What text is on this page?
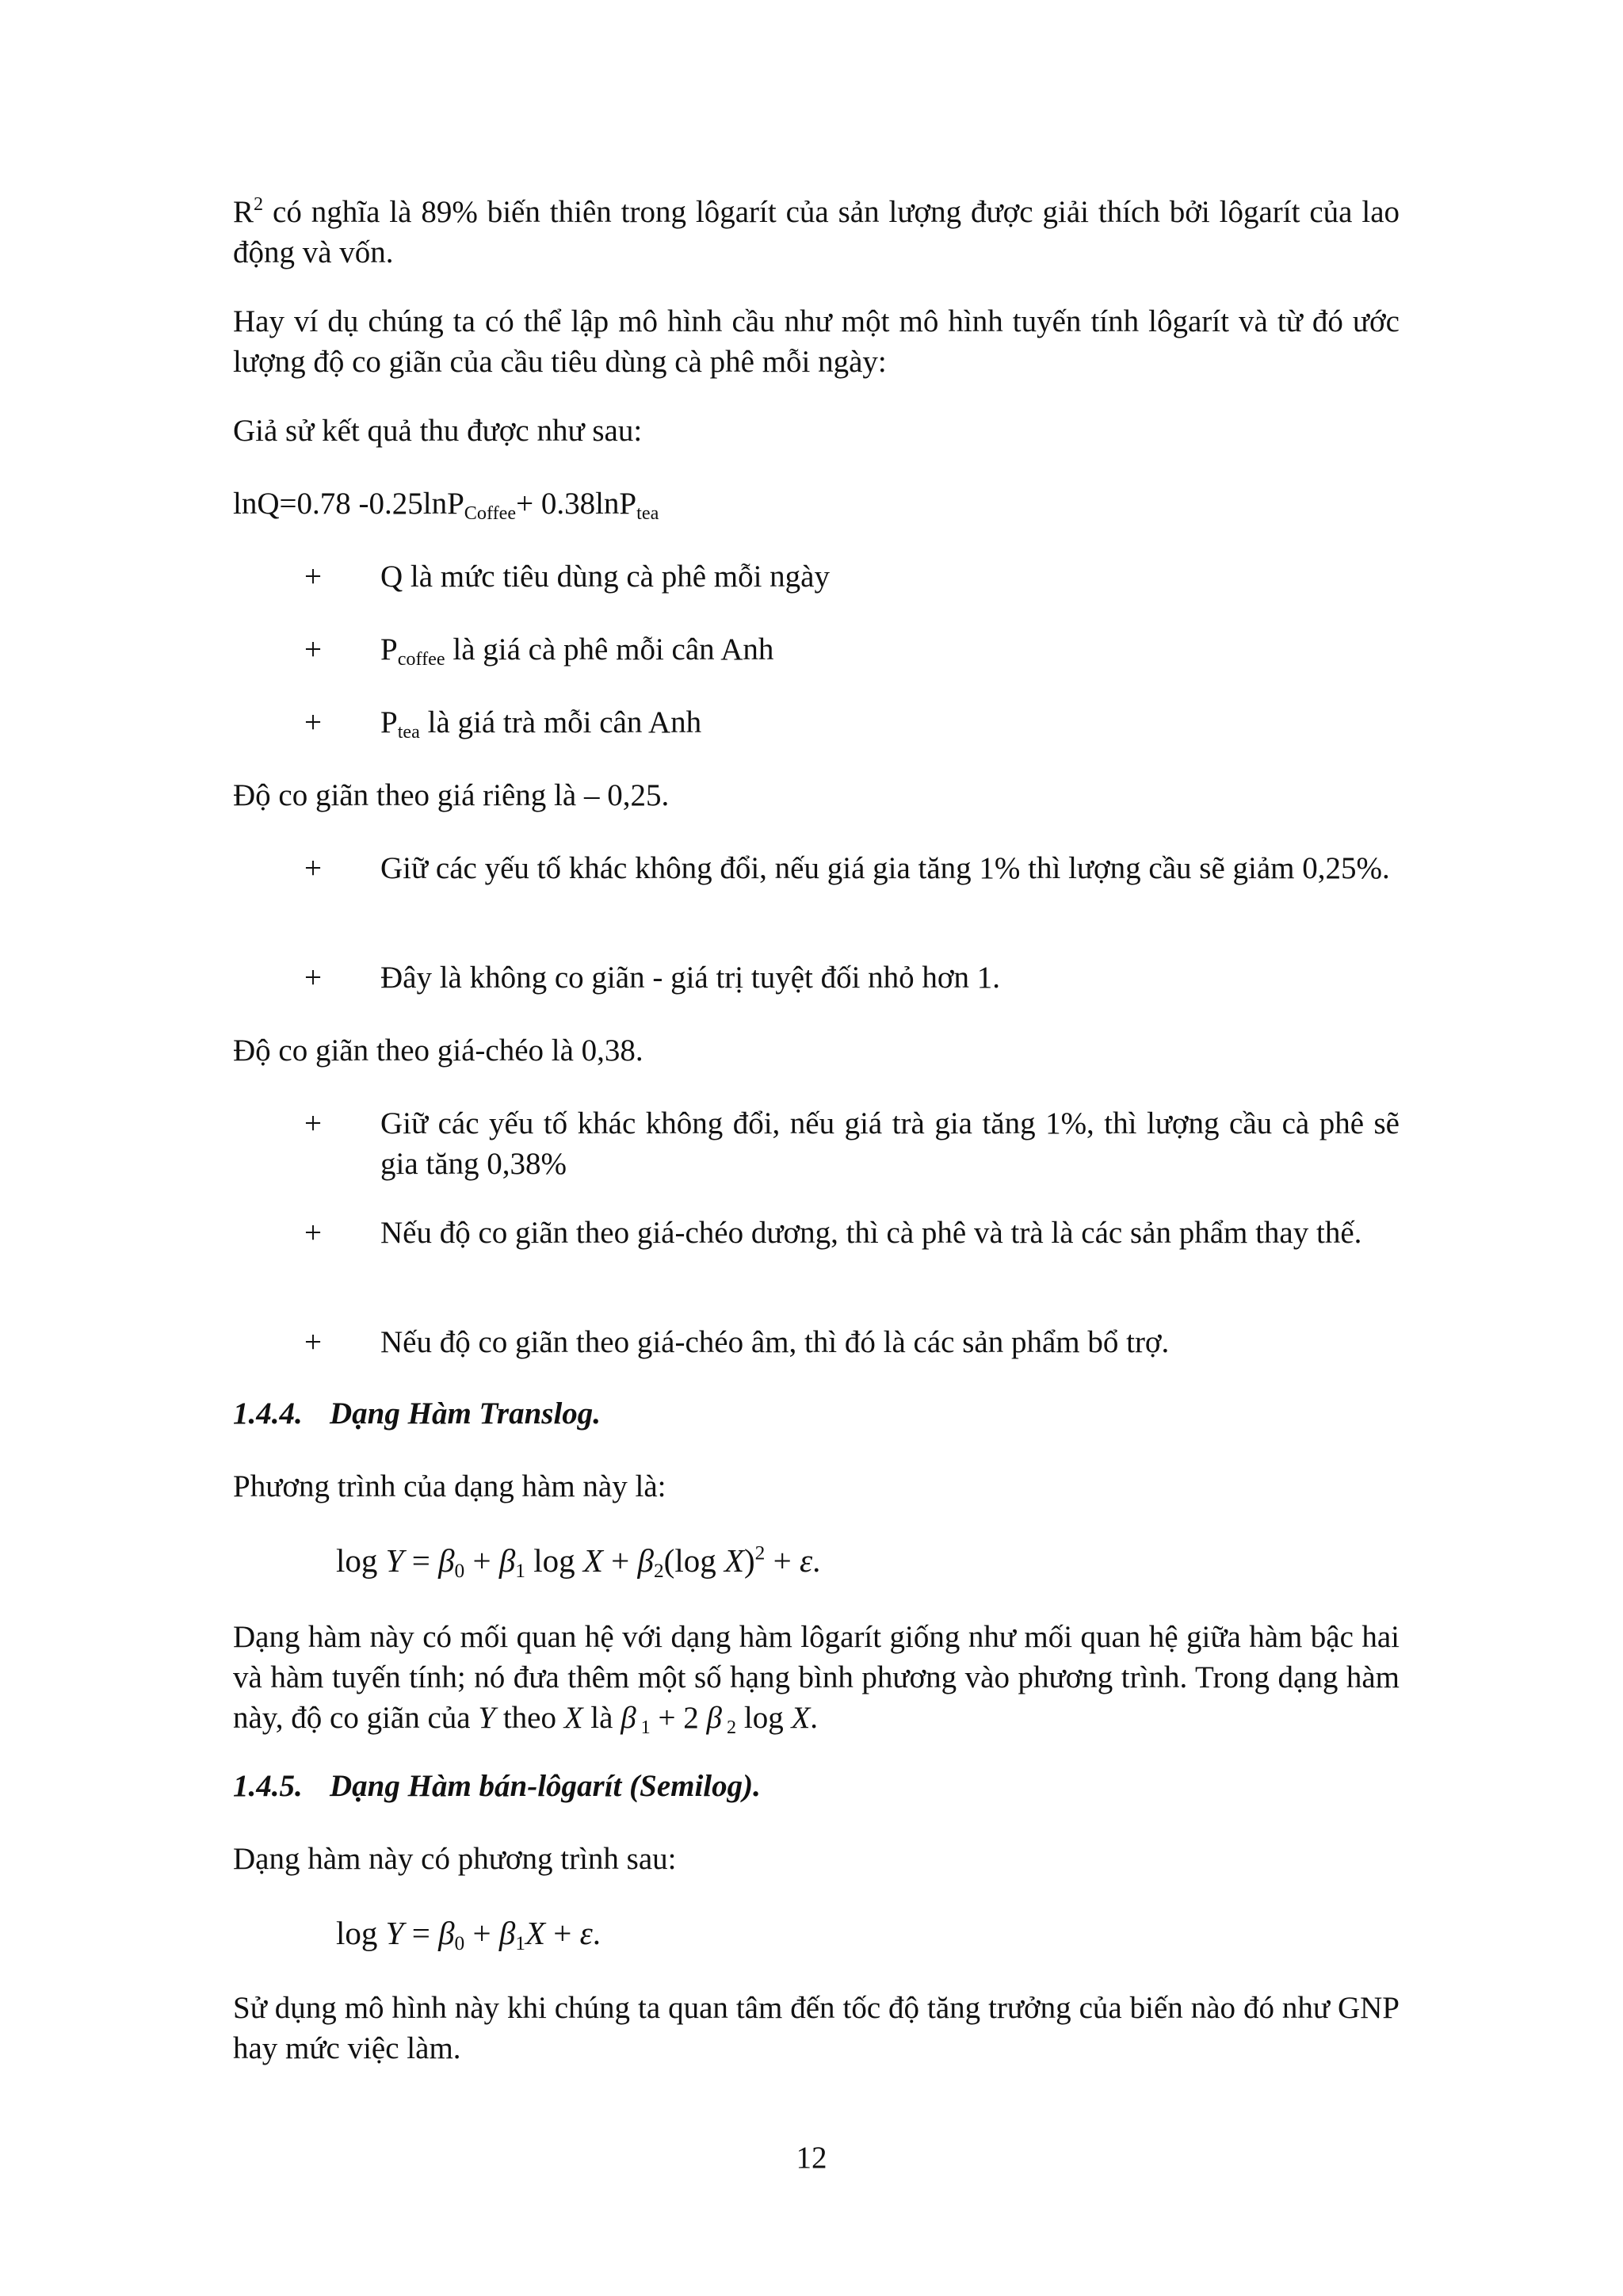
$R^2$ có nghĩa là 89% biến thiên trong lôgarít của sản lượng được giải thích bởi lôgarít của lao động và vốn.

Hay ví dụ chúng ta có thể lập mô hình cầu như một mô hình tuyến tính lôgarít và từ đó ước lượng độ co giãn của cầu tiêu dùng cà phê mỗi ngày:

Giả sử kết quả thu được như sau:

lnQ=0.78 -0.25lnP$_{Coffee}$+ 0.38lnP$_{tea}$

+	Q là mức tiêu dùng cà phê mỗi ngày
+	$P_{coffee}$ là giá cà phê mỗi cân Anh
+	$P_{tea}$ là giá trà mỗi cân Anh

Độ co giãn theo giá riêng là – 0,25.

+	Giữ các yếu tố khác không đổi, nếu giá gia tăng 1% thì lượng cầu sẽ giảm 0,25%.
+	Đây là không co giãn - giá trị tuyệt đối nhỏ hơn 1.

Độ co giãn theo giá-chéo là 0,38.

+	Giữ các yếu tố khác không đổi, nếu giá trà gia tăng 1%, thì lượng cầu cà phê sẽ gia tăng 0,38%
+	Nếu độ co giãn theo giá-chéo dương, thì cà phê và trà là các sản phẩm thay thế.
+	Nếu độ co giãn theo giá-chéo âm, thì đó là các sản phẩm bổ trợ.

1.4.4. Dạng Hàm Translog.

Phương trình của dạng hàm này là:

$\log Y = \beta_0 + \beta_1$ $\log X + \beta_2(\log$ X)$^2$ + ε.

Dạng hàm này có mối quan hệ với dạng hàm lôgarít giống như mối quan hệ giữa hàm bậc hai và hàm tuyến tính; nó đưa thêm một số hạng bình phương vào phương trình. Trong dạng hàm này, độ co giãn của Y theo X là β $_1$ + 2 β $_2$ log X.

1.4.5. Dạng Hàm bán-lôgarít (Semilog).

Dạng hàm này có phương trình sau:

$\log Y = \beta_0 + \beta_1X + \varepsilon$.

Sử dụng mô hình này khi chúng ta quan tâm đến tốc độ tăng trưởng của biến nào đó như GNP hay mức việc làm.

12
